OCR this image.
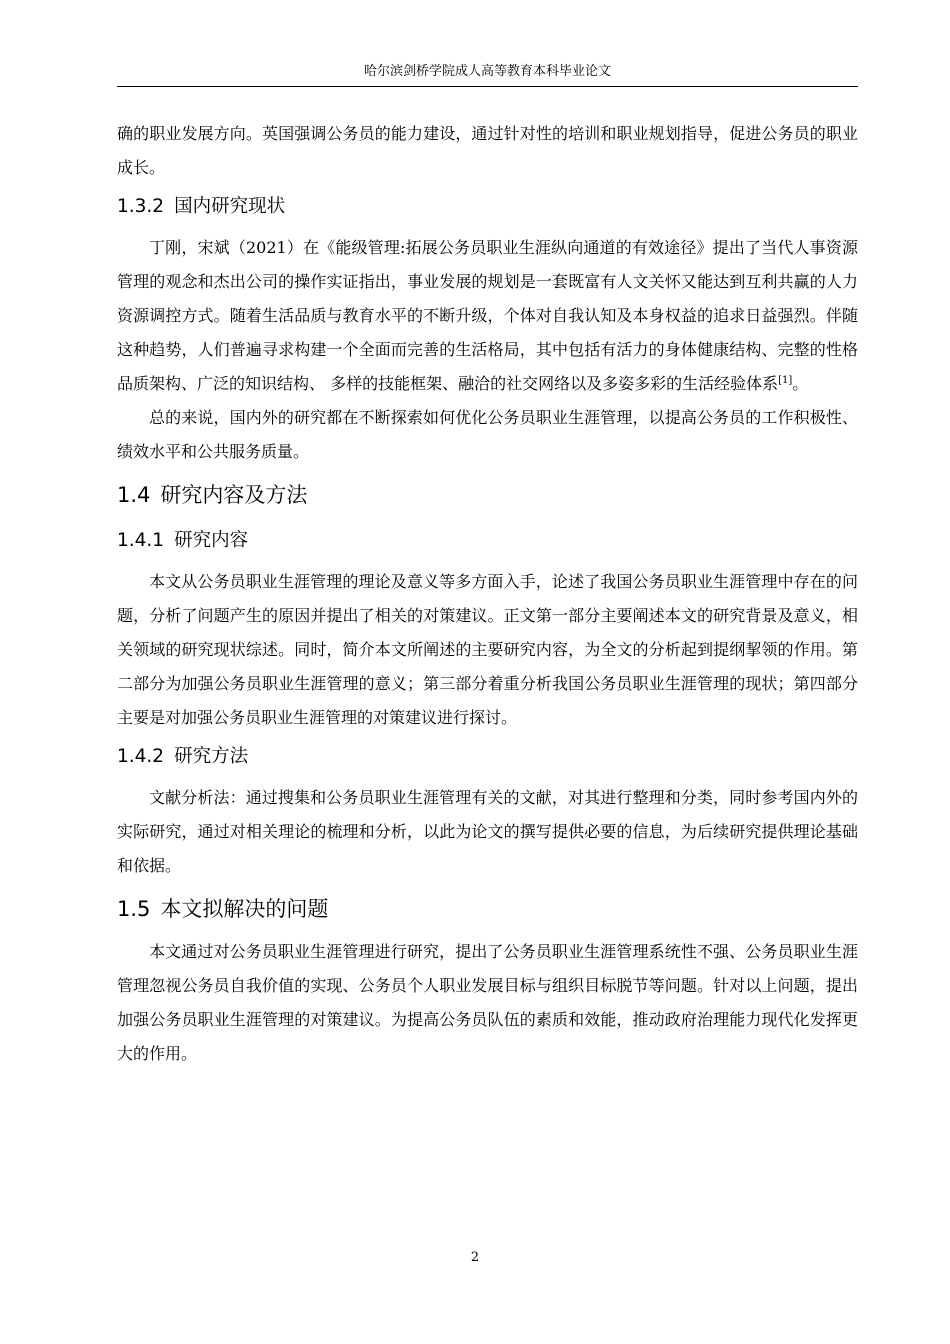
哈尔滨剑桥学院成人高等教育本科毕业论文

确的职业发展方向。英国强调公务员的能力建设，通过针对性的培训和职业规划指导，促进公务员的职业成长。

1.3.2 国内研究现状

丁刚，宋斌（2021）在《能级管理:拓展公务员职业生涯纵向通道的有效途径》提出了当代人事资源管理的观念和杰出公司的操作实证指出，事业发展的规划是一套既富有人文关怀又能达到互利共赢的人力资源调控方式。随着生活品质与教育水平的不断升级，个体对自我认知及本身权益的追求日益强烈。伴随这种趋势，人们普遍寻求构建一个全面而完善的生活格局，其中包括有活力的身体健康结构、完整的性格品质架构、广泛的知识结构、 多样的技能框架、融洽的社交网络以及多姿多彩的生活经验体系[1]。

总的来说，国内外的研究都在不断探索如何优化公务员职业生涯管理，以提高公务员的工作积极性、绩效水平和公共服务质量。

1.4 研究内容及方法
1.4.1 研究内容

本文从公务员职业生涯管理的理论及意义等多方面入手，论述了我国公务员职业生涯管理中存在的问题，分析了问题产生的原因并提出了相关的对策建议。正文第一部分主要阐述本文的研究背景及意义，相关领域的研究现状综述。同时，简介本文所阐述的主要研究内容，为全文的分析起到提纲挈领的作用。第二部分为加强公务员职业生涯管理的意义；第三部分着重分析我国公务员职业生涯管理的现状；第四部分主要是对加强公务员职业生涯管理的对策建议进行探讨。

1.4.2 研究方法

文献分析法：通过搜集和公务员职业生涯管理有关的文献，对其进行整理和分类，同时参考国内外的实际研究，通过对相关理论的梳理和分析，以此为论文的撰写提供必要的信息，为后续研究提供理论基础和依据。

1.5 本文拟解决的问题

本文通过对公务员职业生涯管理进行研究，提出了公务员职业生涯管理系统性不强、公务员职业生涯管理忽视公务员自我价值的实现、公务员个人职业发展目标与组织目标脱节等问题。针对以上问题，提出加强公务员职业生涯管理的对策建议。为提高公务员队伍的素质和效能，推动政府治理能力现代化发挥更大的作用。

2
